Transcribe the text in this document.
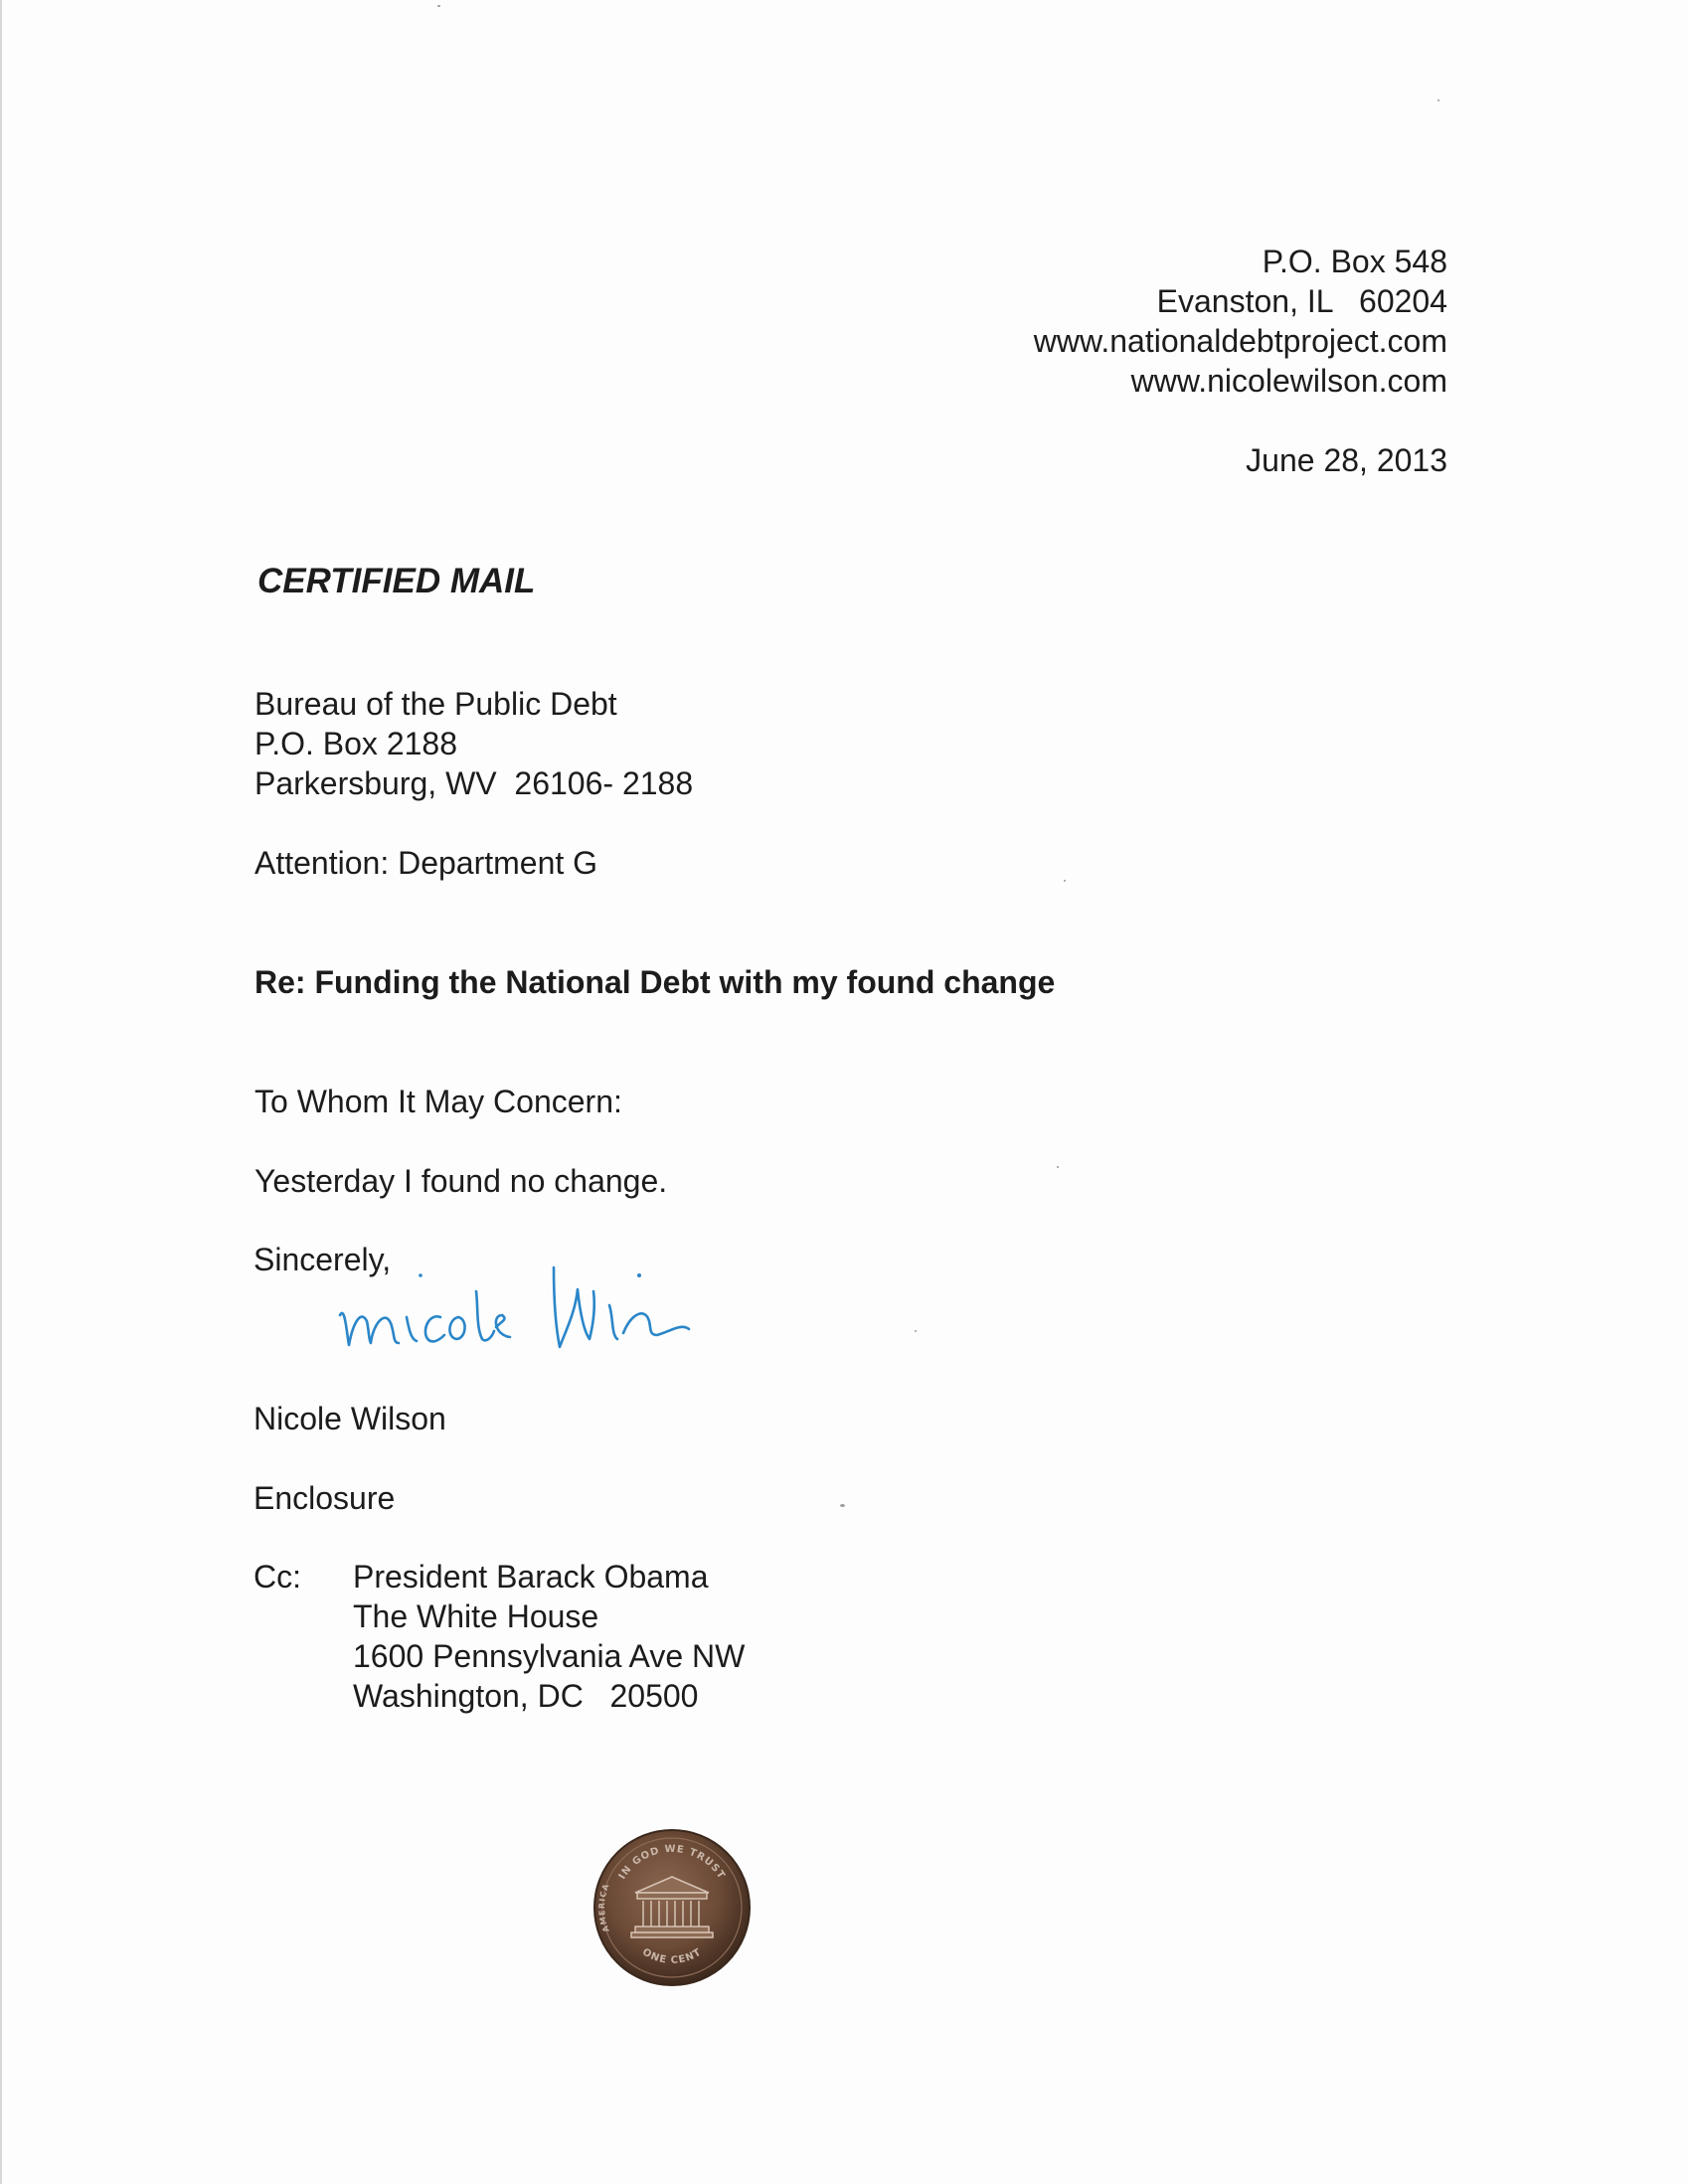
P.O. Box 548
Evanston, IL   60204
www.nationaldebtproject.com
www.nicolewilson.com
June 28, 2013
CERTIFIED MAIL
Bureau of the Public Debt
P.O. Box 2188
Parkersburg, WV  26106- 2188
Attention: Department G
Re: Funding the National Debt with my found change
To Whom It May Concern:
Yesterday I found no change.
Sincerely,
Nicole Wilson
Enclosure
Cc: President Barack Obama
The White House
1600 Pennsylvania Ave NW
Washington, DC   20500
IN GOD WE TRUST
ONE CENT
AMERICA
